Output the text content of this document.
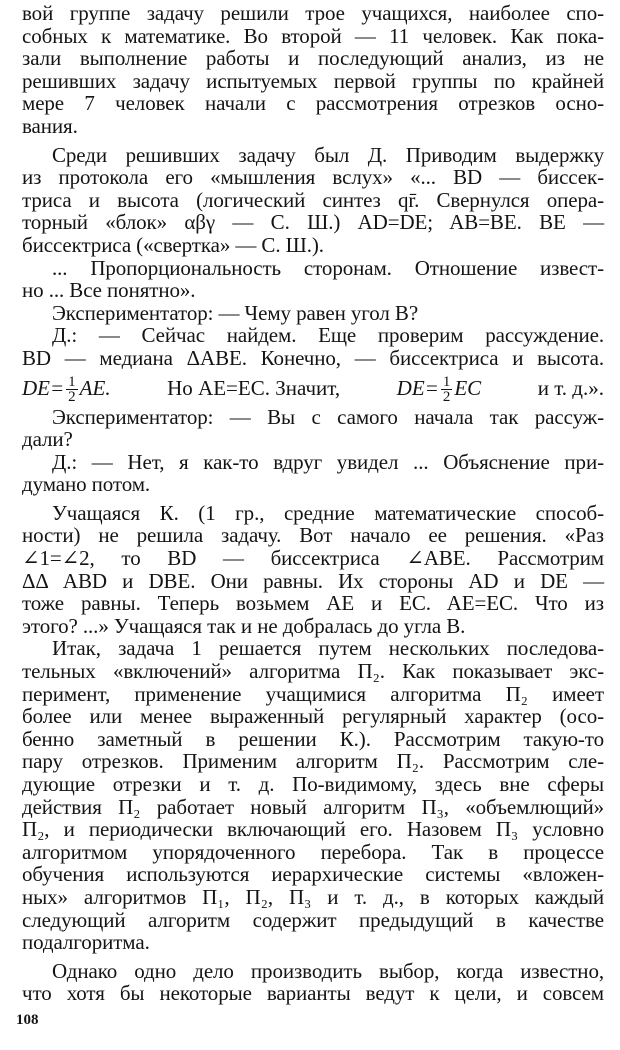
вой группе задачу решили трое учащихся, наиболее спо-
собных к математике. Во второй — 11 человек. Как пока-
зали выполнение работы и последующий анализ, из не
решивших задачу испытуемых первой группы по крайней
мере 7 человек начали с рассмотрения отрезков осно-
вания.
Среди решивших задачу был Д. Приводим выдержку
из протокола его «мышления вслух» «... BD — биссек-
триса и высота (логический синтез qr̄. Свернулся опера-
торный «блок» αβγ — С. Ш.) AD=DE; AB=BE. BE —
биссектриса («свертка» — С. Ш.).
... Пропорциональность сторонам. Отношение извест-
но ... Все понятно».
Экспериментатор: — Чему равен угол B?
Д.: — Сейчас найдем. Еще проверим рассуждение.
BD — медиана ΔABE. Конечно, — биссектриса и высота.
$DE= \frac{1}{2}$ AE.	Но AE=EC. Значит,	$DE= \frac{1}{2}$ EC	и т. д.».
Экспериментатор: — Вы с самого начала так рассуж-
дали?
Д.: — Нет, я как-то вдруг увидел ... Объяснение при-
думано потом.
Учащаяся К. (1 гр., средние математические способ-
ности) не решила задачу. Вот начало ее решения. «Раз
∠1=∠2, то BD — биссектриса ∠ABE. Рассмотрим
ΔΔ ABD и DBE. Они равны. Их стороны AD и DE —
тоже равны. Теперь возьмем AE и EC. AE=EC. Что из
этого? ...» Учащаяся так и не добралась до угла B.
Итак, задача 1 решается путем нескольких последова-
тельных «включений» алгоритма П₂. Как показывает экс-
перимент, применение учащимися алгоритма П₂ имеет
более или менее выраженный регулярный характер (осо-
бенно заметный в решении К.). Рассмотрим такую-то
пару отрезков. Применим алгоритм П₂. Рассмотрим сле-
дующие отрезки и т. д. По-видимому, здесь вне сферы
действия П₂ работает новый алгоритм П₃, «объемлющий»
П₂, и периодически включающий его. Назовем П₃ условно
алгоритмом упорядоченного перебора. Так в процессе
обучения используются иерархические системы «вложен-
ных» алгоритмов П₁, П₂, П₃ и т. д., в которых каждый
следующий алгоритм содержит предыдущий в качестве
подалгоритма.
Однако одно дело производить выбор, когда известно,
что хотя бы некоторые варианты ведут к цели, и совсем
108
